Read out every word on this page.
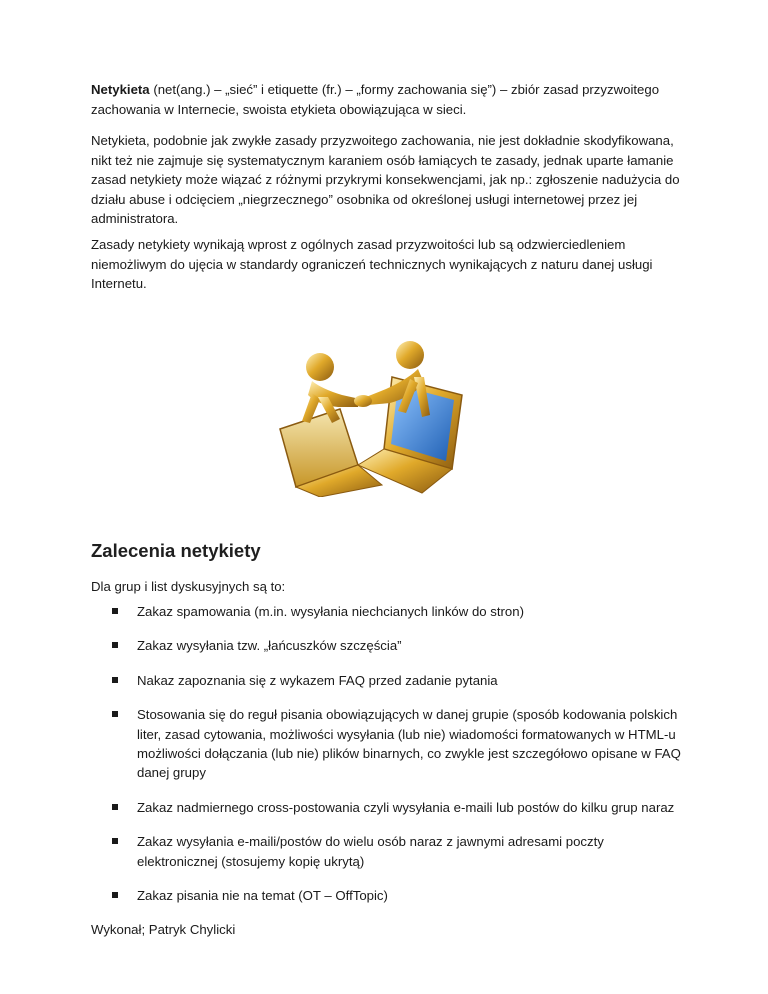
Netykieta (net(ang.) – „sieć” i etiquette (fr.) – „formy zachowania się”) – zbiór zasad przyzwoitego zachowania w Internecie, swoista etykieta obowiązująca w sieci.

Netykieta, podobnie jak zwykłe zasady przyzwoitego zachowania, nie jest dokładnie skodyfikowana, nikt też nie zajmuje się systematycznym karaniem osób łamiących te zasady, jednak uparte łamanie zasad netykiety może wiązać z różnymi przykrymi konsekwencjami, jak np.: zgłoszenie nadużycia do działu abuse i odcięciem „niegrzecznego” osobnika od określonej usługi internetowej przez jej administratora.

Zasady netykiety wynikają wprost z ogólnych zasad przyzwoitości lub są odzwierciedleniem niemożliwym do ujęcia w standardy ograniczeń technicznych wynikających z naturu danej usługi Internetu.

Zalecenia netykiety

Dla grup i list dyskusyjnych są to:

Zakaz spamowania (m.in. wysyłania niechcianych linków do stron)
Zakaz wysyłania tzw. „łańcuszków szczęścia”
Nakaz zapoznania się z wykazem FAQ przed zadanie pytania
Stosowania się do reguł pisania obowiązujących w danej grupie (sposób kodowania polskich liter, zasad cytowania, możliwości wysyłania (lub nie) wiadomości formatowanych w HTML-u możliwości dołączania (lub nie) plików binarnych, co zwykle jest szczegółowo opisane w FAQ danej grupy
Zakaz nadmiernego cross-postowania czyli wysyłania e-maili lub postów do kilku grup naraz
Zakaz wysyłania e-maili/postów do wielu osób naraz z jawnymi adresami poczty elektronicznej (stosujemy kopię ukrytą)
Zakaz pisania nie na temat (OT – OffTopic)

Wykonał; Patryk Chylicki
